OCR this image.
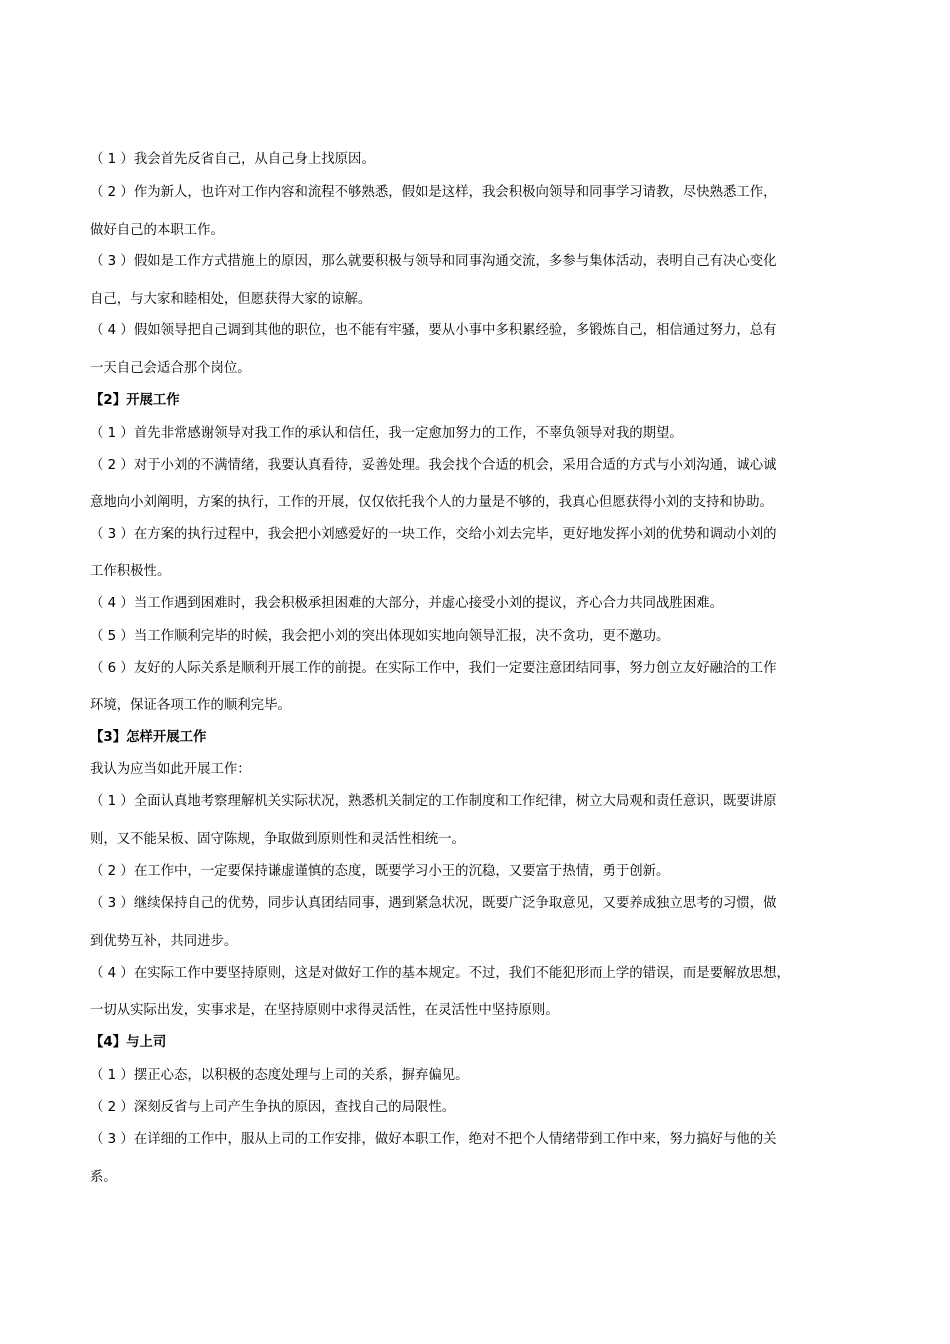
（ 1 ）我会首先反省自己，从自己身上找原因。
（ 2 ）作为新人，也许对工作内容和流程不够熟悉，假如是这样，我会积极向领导和同事学习请教，尽快熟悉工作，
做好自己的本职工作。
（ 3 ）假如是工作方式措施上的原因，那么就要积极与领导和同事沟通交流，多参与集体活动，表明自己有决心变化
自己，与大家和睦相处，但愿获得大家的谅解。
（ 4 ）假如领导把自己调到其他的职位，也不能有牢骚，要从小事中多积累经验，多锻炼自己，相信通过努力，总有
一天自己会适合那个岗位。
【2】开展工作
（ 1 ）首先非常感谢领导对我工作的承认和信任，我一定愈加努力的工作，不辜负领导对我的期望。
（ 2 ）对于小刘的不满情绪，我要认真看待，妥善处理。我会找个合适的机会，采用合适的方式与小刘沟通，诚心诚
意地向小刘阐明，方案的执行，工作的开展，仅仅依托我个人的力量是不够的，我真心但愿获得小刘的支持和协助。
（ 3 ）在方案的执行过程中，我会把小刘感爱好的一块工作，交给小刘去完毕，更好地发挥小刘的优势和调动小刘的
工作积极性。
（ 4 ）当工作遇到困难时，我会积极承担困难的大部分，并虚心接受小刘的提议，齐心合力共同战胜困难。
（ 5 ）当工作顺利完毕的时候，我会把小刘的突出体现如实地向领导汇报，决不贪功，更不邀功。
（ 6 ）友好的人际关系是顺利开展工作的前提。在实际工作中，我们一定要注意团结同事，努力创立友好融洽的工作
环境，保证各项工作的顺利完毕。
【3】怎样开展工作
我认为应当如此开展工作：
（ 1 ）全面认真地考察理解机关实际状况，熟悉机关制定的工作制度和工作纪律，树立大局观和责任意识，既要讲原
则，又不能呆板、固守陈规，争取做到原则性和灵活性相统一。
（ 2 ）在工作中，一定要保持谦虚谨慎的态度，既要学习小王的沉稳，又要富于热情，勇于创新。
（ 3 ）继续保持自己的优势，同步认真团结同事，遇到紧急状况，既要广泛争取意见，又要养成独立思考的习惯，做
到优势互补，共同进步。
（ 4 ）在实际工作中要坚持原则，这是对做好工作的基本规定。不过，我们不能犯形而上学的错误，而是要解放思想，
一切从实际出发，实事求是，在坚持原则中求得灵活性，在灵活性中坚持原则。
【4】与上司
（ 1 ）摆正心态，以积极的态度处理与上司的关系，摒弃偏见。
（ 2 ）深刻反省与上司产生争执的原因，查找自己的局限性。
（ 3 ）在详细的工作中，服从上司的工作安排，做好本职工作，绝对不把个人情绪带到工作中来，努力搞好与他的关
系。
